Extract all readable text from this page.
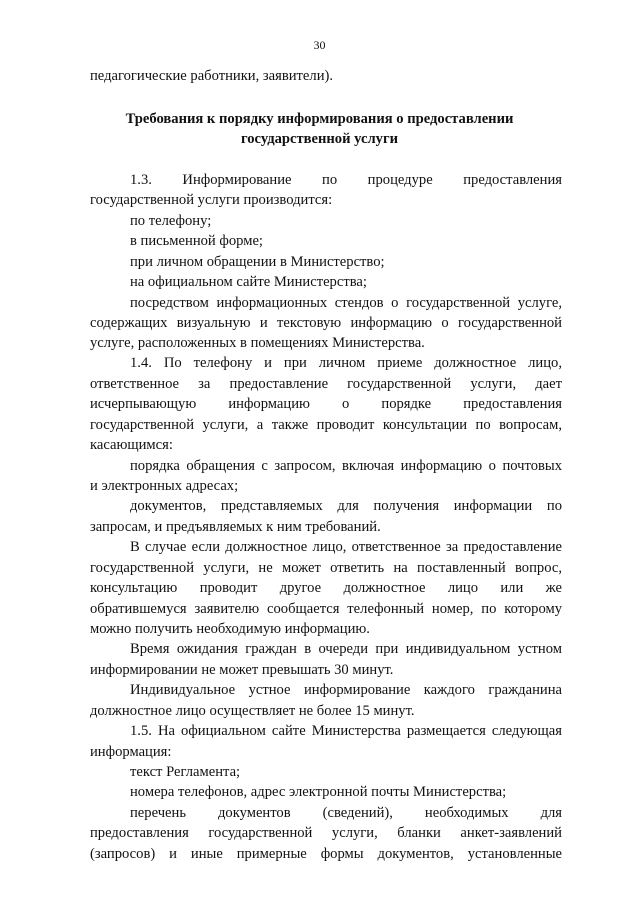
30
педагогические работники, заявители).
Требования к порядку информирования о предоставлении
государственной услуги
1.3. Информирование по процедуре предоставления
государственной услуги производится:
по телефону;
в письменной форме;
при личном обращении в Министерство;
на официальном сайте Министерства;
посредством информационных стендов о государственной услуге,
содержащих визуальную и текстовую информацию о государственной
услуге, расположенных в помещениях Министерства.
1.4. По телефону и при личном приеме должностное лицо,
ответственное за предоставление государственной услуги, дает
исчерпывающую информацию о порядке предоставления
государственной услуги, а также проводит консультации по вопросам,
касающимся:
порядка обращения с запросом, включая информацию о почтовых
и электронных адресах;
документов, представляемых для получения информации по
запросам, и предъявляемых к ним требований.
В случае если должностное лицо, ответственное за предоставление
государственной услуги, не может ответить на поставленный вопрос,
консультацию проводит другое должностное лицо или же
обратившемуся заявителю сообщается телефонный номер, по которому
можно получить необходимую информацию.
Время ожидания граждан в очереди при индивидуальном устном
информировании не может превышать 30 минут.
Индивидуальное устное информирование каждого гражданина
должностное лицо осуществляет не более 15 минут.
1.5. На официальном сайте Министерства размещается следующая
информация:
текст Регламента;
номера телефонов, адрес электронной почты Министерства;
перечень документов (сведений), необходимых для
предоставления государственной услуги, бланки анкет-заявлений
(запросов) и иные примерные формы документов, установленные
